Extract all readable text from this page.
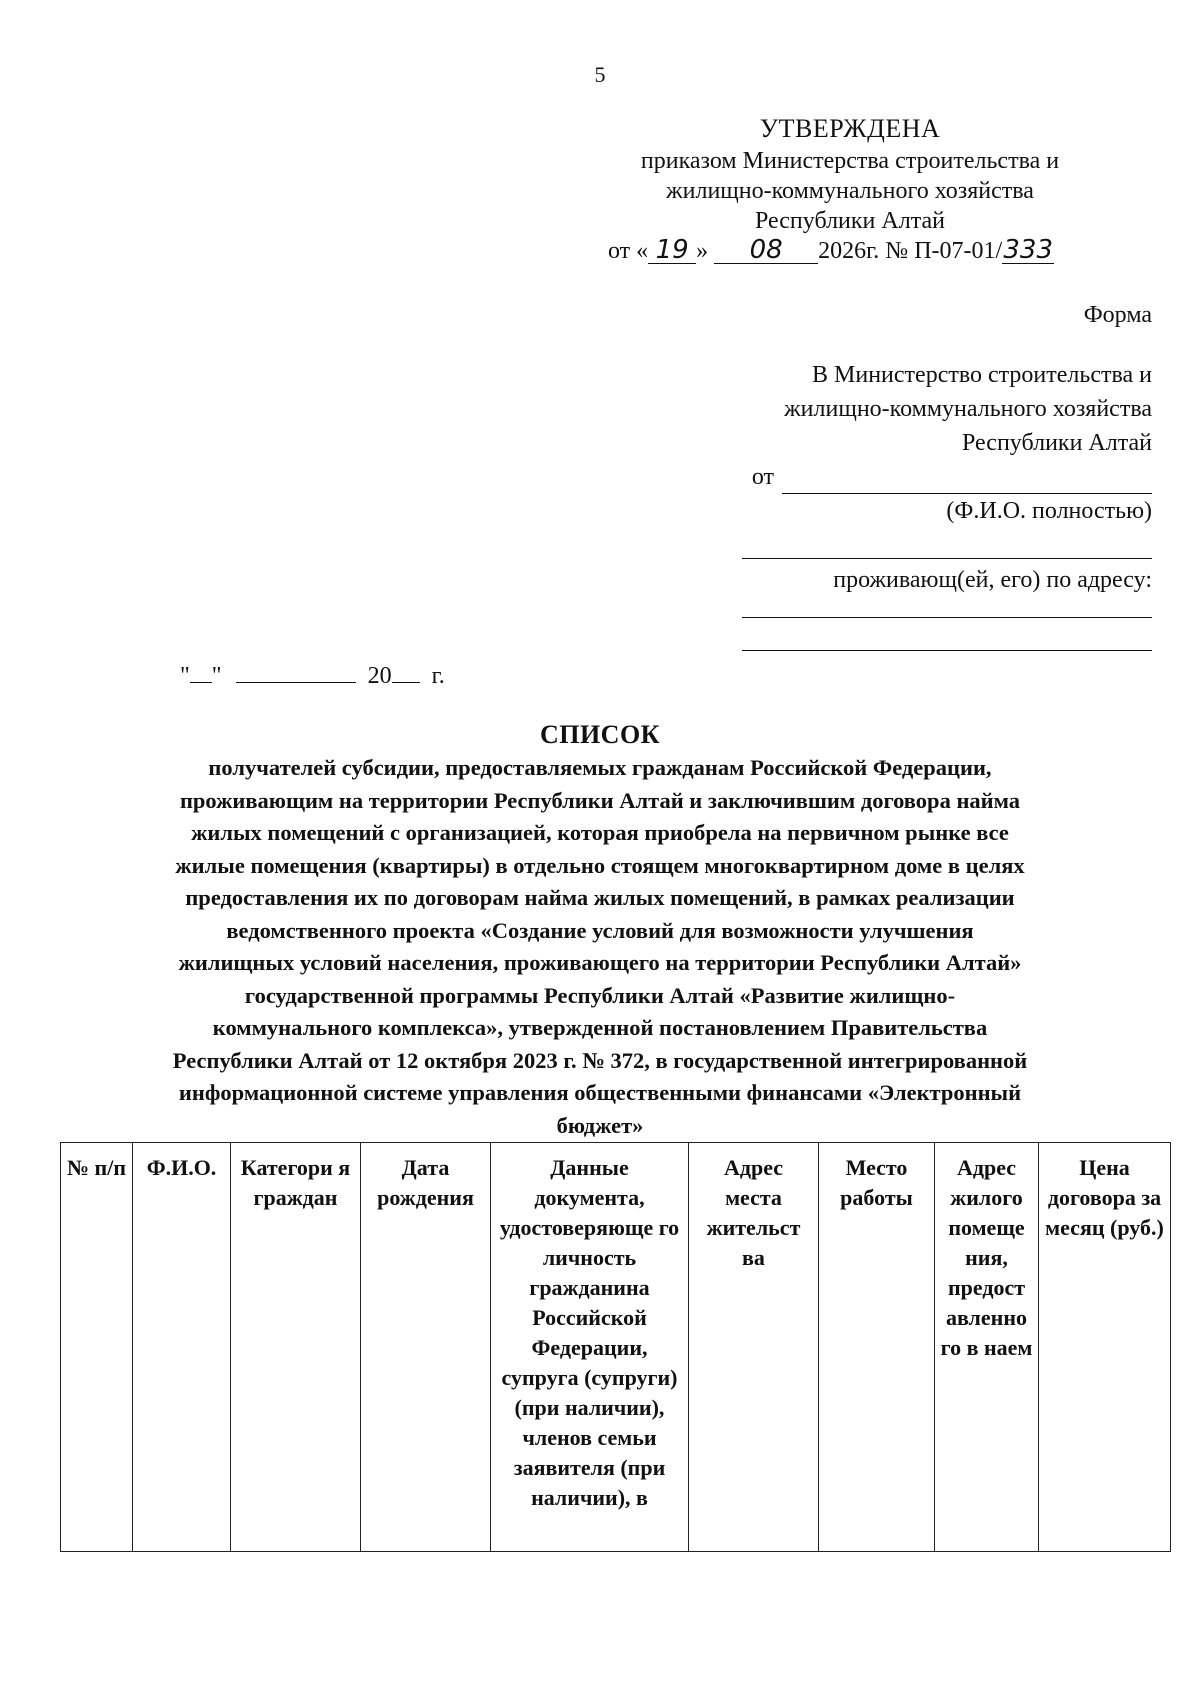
5
УТВЕРЖДЕНА
приказом Министерства строительства и
жилищно-коммунального хозяйства
Республики Алтай
от « 19 » 08 2026г. № П-07-01/333
Форма
В Министерство строительства и
жилищно-коммунального хозяйства
Республики Алтай
от
(Ф.И.О. полностью)
проживающ(ей, его) по адресу:
" "	20 г.
СПИСОК
получателей субсидии, предоставляемых гражданам Российской Федерации, проживающим на территории Республики Алтай и заключившим договора найма жилых помещений с организацией, которая приобрела на первичном рынке все жилые помещения (квартиры) в отдельно стоящем многоквартирном доме в целях предоставления их по договорам найма жилых помещений, в рамках реализации ведомственного проекта «Создание условий для возможности улучшения жилищных условий населения, проживающего на территории Республики Алтай» государственной программы Республики Алтай «Развитие жилищно-коммунального комплекса», утвержденной постановлением Правительства Республики Алтай от 12 октября 2023 г. № 372, в государственной интегрированной информационной системе управления общественными финансами «Электронный бюджет»
№ п/п	Ф.И.О.	Категори я граждан	Дата рождения	Данные документа, удостоверяюще го личность гражданина Российской Федерации, супруга (супруги) (при наличии), членов семьи заявителя (при наличии), в	Адрес места жительст ва	Место работы	Адрес жилого помеще ния, предост авленно го в наем	Цена договора за месяц (руб.)
